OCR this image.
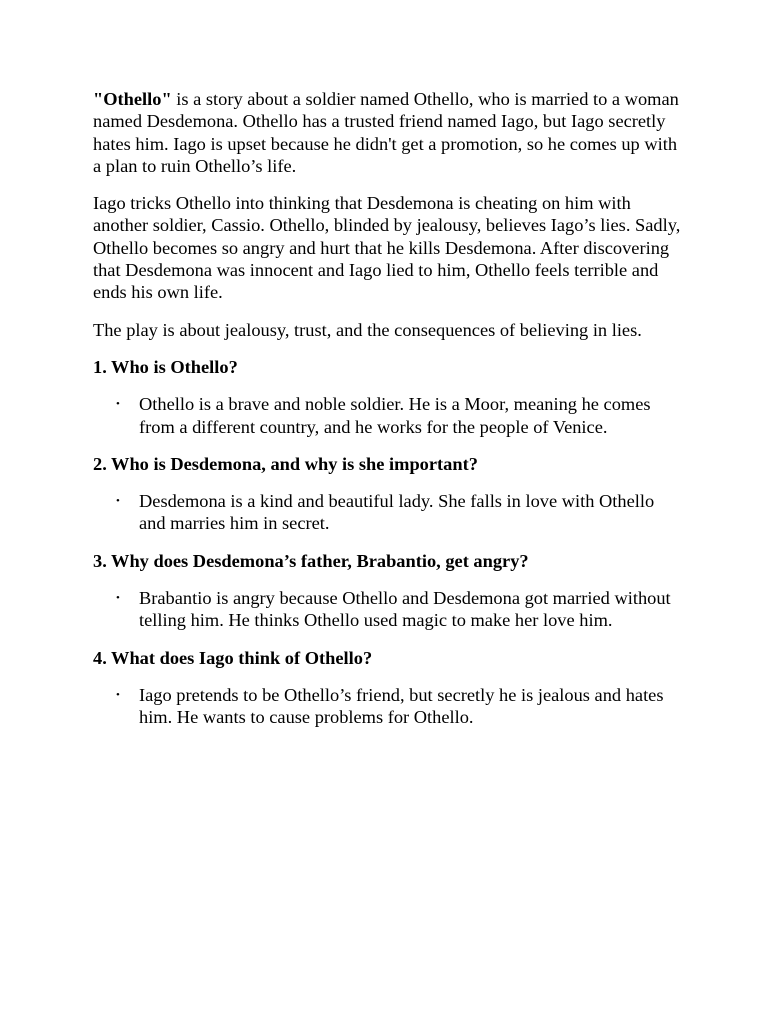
"Othello" is a story about a soldier named Othello, who is married to a woman named Desdemona. Othello has a trusted friend named Iago, but Iago secretly hates him. Iago is upset because he didn't get a promotion, so he comes up with a plan to ruin Othello’s life.

Iago tricks Othello into thinking that Desdemona is cheating on him with another soldier, Cassio. Othello, blinded by jealousy, believes Iago’s lies. Sadly, Othello becomes so angry and hurt that he kills Desdemona. After discovering that Desdemona was innocent and Iago lied to him, Othello feels terrible and ends his own life.

The play is about jealousy, trust, and the consequences of believing in lies.

1. Who is Othello?
• Othello is a brave and noble soldier. He is a Moor, meaning he comes from a different country, and he works for the people of Venice.
2. Who is Desdemona, and why is she important?
• Desdemona is a kind and beautiful lady. She falls in love with Othello and marries him in secret.
3. Why does Desdemona’s father, Brabantio, get angry?
• Brabantio is angry because Othello and Desdemona got married without telling him. He thinks Othello used magic to make her love him.
4. What does Iago think of Othello?
• Iago pretends to be Othello’s friend, but secretly he is jealous and hates him. He wants to cause problems for Othello.
